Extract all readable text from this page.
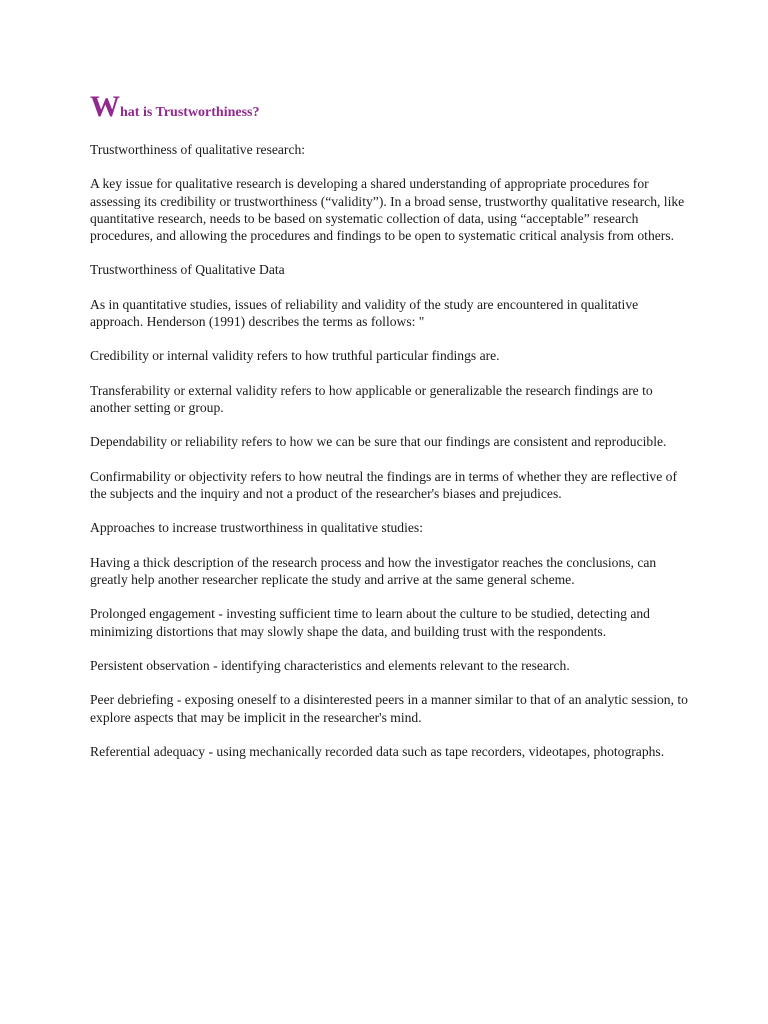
What is Trustworthiness?

Trustworthiness of qualitative research:

A key issue for qualitative research is developing a shared understanding of appropriate procedures for assessing its credibility or trustworthiness (“validity”). In a broad sense, trustworthy qualitative research, like quantitative research, needs to be based on systematic collection of data, using “acceptable” research procedures, and allowing the procedures and findings to be open to systematic critical analysis from others.

Trustworthiness of Qualitative Data

As in quantitative studies, issues of reliability and validity of the study are encountered in qualitative approach. Henderson (1991) describes the terms as follows: "

Credibility or internal validity refers to how truthful particular findings are.

Transferability or external validity refers to how applicable or generalizable the research findings are to another setting or group.

Dependability or reliability refers to how we can be sure that our findings are consistent and reproducible.

Confirmability or objectivity refers to how neutral the findings are in terms of whether they are reflective of the subjects and the inquiry and not a product of the researcher's biases and prejudices.

Approaches to increase trustworthiness in qualitative studies:

Having a thick description of the research process and how the investigator reaches the conclusions, can greatly help another researcher replicate the study and arrive at the same general scheme.

Prolonged engagement - investing sufficient time to learn about the culture to be studied, detecting and minimizing distortions that may slowly shape the data, and building trust with the respondents.

Persistent observation - identifying characteristics and elements relevant to the research.

Peer debriefing - exposing oneself to a disinterested peers in a manner similar to that of an analytic session, to explore aspects that may be implicit in the researcher's mind.

Referential adequacy - using mechanically recorded data such as tape recorders, videotapes, photographs.
